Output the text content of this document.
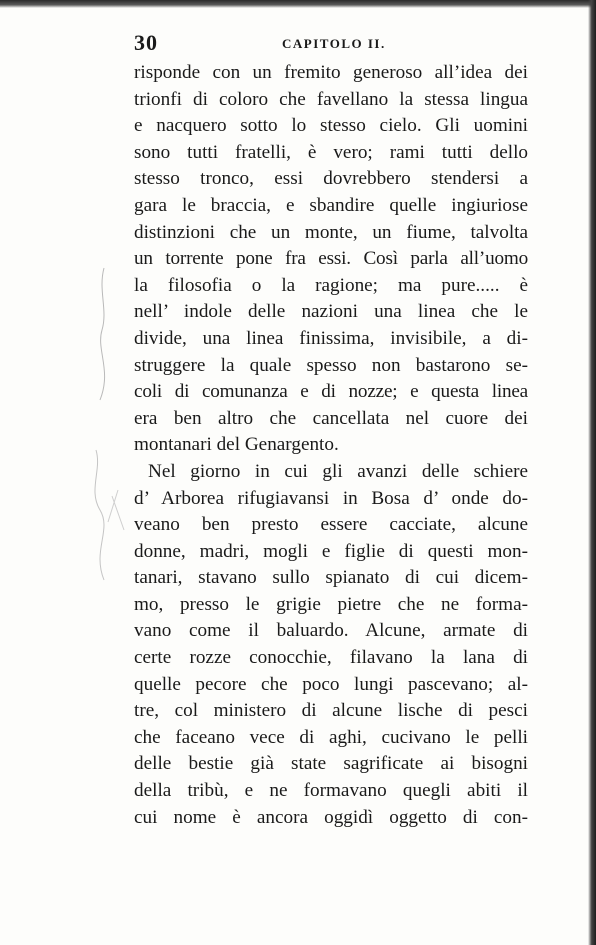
30	CAPITOLO II.
risponde con un fremito generoso all’idea dei
trionfi di coloro che favellano la stessa lingua
e nacquero sotto lo stesso cielo. Gli uomini
sono tutti fratelli, è vero; rami tutti dello
stesso tronco, essi dovrebbero stendersi a
gara le braccia, e sbandire quelle ingiuriose
distinzioni che un monte, un fiume, talvolta
un torrente pone fra essi. Così parla all’uomo
la filosofia o la ragione; ma pure..... è
nell’ indole delle nazioni una linea che le
divide, una linea finissima, invisibile, a di-
struggere la quale spesso non bastarono se-
coli di comunanza e di nozze; e questa linea
era ben altro che cancellata nel cuore dei
montanari del Genargento.
Nel giorno in cui gli avanzi delle schiere
d’ Arborea rifugiavansi in Bosa d’ onde do-
veano ben presto essere cacciate, alcune
donne, madri, mogli e figlie di questi mon-
tanari, stavano sullo spianato di cui dicem-
mo, presso le grigie pietre che ne forma-
vano come il baluardo. Alcune, armate di
certe rozze conocchie, filavano la lana di
quelle pecore che poco lungi pascevano; al-
tre, col ministero di alcune lische di pesci
che faceano vece di aghi, cucivano le pelli
delle bestie già state sagrificate ai bisogni
della tribù, e ne formavano quegli abiti il
cui nome è ancora oggidì oggetto di con-
